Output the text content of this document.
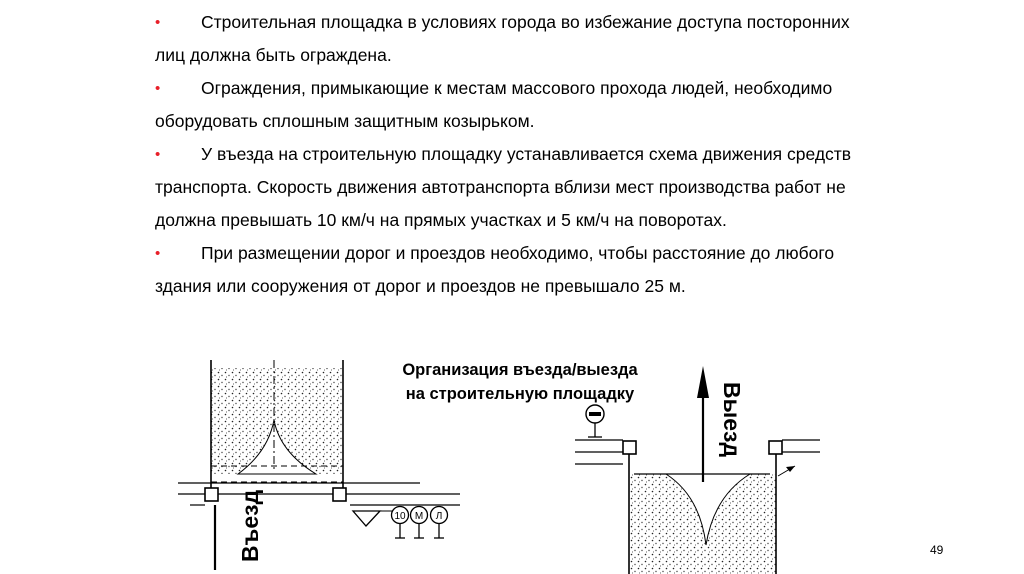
• Строительная площадка в условиях города во избежание доступа посторонних лиц должна быть ограждена.

• Ограждения, примыкающие к местам массового прохода людей, необходимо оборудовать сплошным защитным козырьком.

• У въезда на строительную площадку устанавливается схема движения средств транспорта. Скорость движения автотранспорта вблизи мест производства работ не должна превышать 10 км/ч на прямых участках и 5 км/ч на поворотах.

• При размещении дорог и проездов необходимо, чтобы расстояние до любого здания или сооружения от дорог и проездов не превышало 25 м.

Въезд	10 М Л
Выезд
Организация въезда/выезда
на строительную площадку
49
